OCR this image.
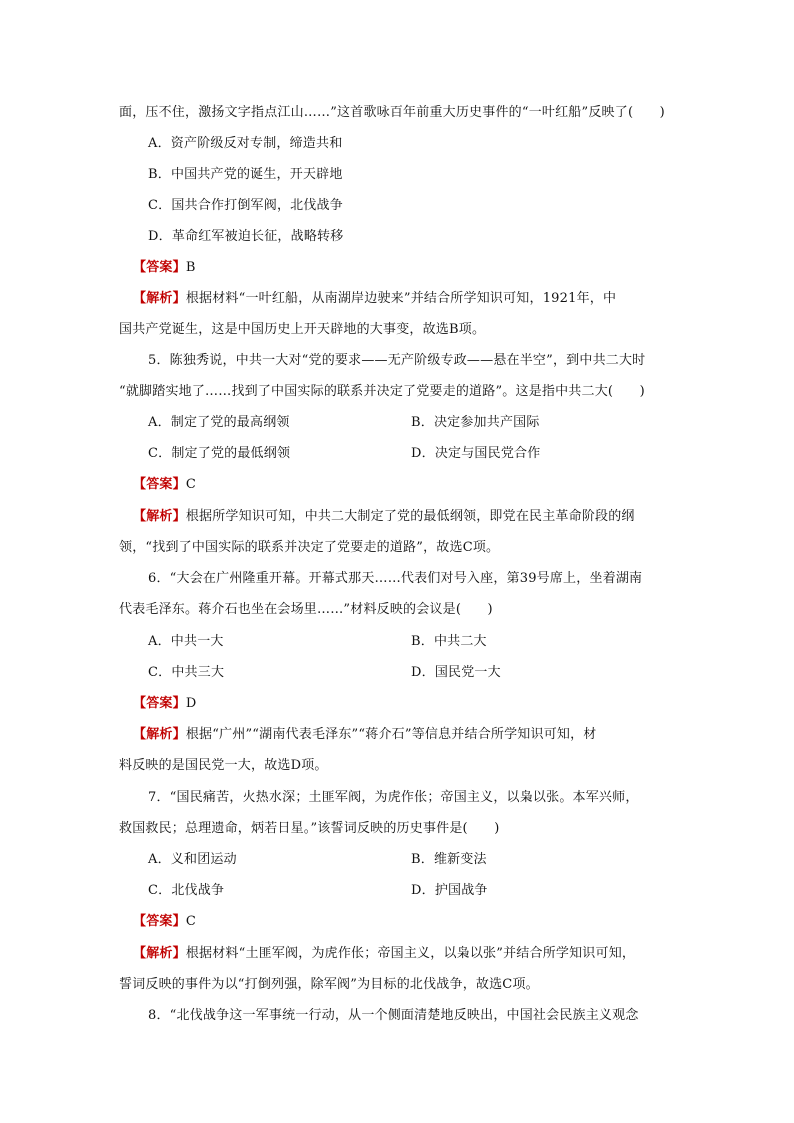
面，压不住，激扬文字指点江山……”这首歌咏百年前重大历史事件的“一叶红船”反映了(　　)
A．资产阶级反对专制，缔造共和
B．中国共产党的诞生，开天辟地
C．国共合作打倒军阀，北伐战争
D．革命红军被迫长征，战略转移
【答案】B
【解析】根据材料“一叶红船，从南湖岸边驶来”并结合所学知识可知，1921年，中
国共产党诞生，这是中国历史上开天辟地的大事变，故选B项。
5．陈独秀说，中共一大对“党的要求——无产阶级专政——悬在半空”，到中共二大时
“就脚踏实地了……找到了中国实际的联系并决定了党要走的道路”。这是指中共二大(　　)
A．制定了党的最高纲领	B．决定参加共产国际
C．制定了党的最低纲领	D．决定与国民党合作
【答案】C
【解析】根据所学知识可知，中共二大制定了党的最低纲领，即党在民主革命阶段的纲
领，“找到了中国实际的联系并决定了党要走的道路”，故选C项。
6．“大会在广州隆重开幕。开幕式那天……代表们对号入座，第39号席上，坐着湖南
代表毛泽东。蒋介石也坐在会场里……”材料反映的会议是(　　)
A．中共一大	B．中共二大
C．中共三大	D．国民党一大
【答案】D
【解析】根据“广州”“湖南代表毛泽东”“蒋介石”等信息并结合所学知识可知，材
料反映的是国民党一大，故选D项。
7．“国民痛苦，火热水深；土匪军阀，为虎作伥；帝国主义，以枭以张。本军兴师，
救国救民；总理遗命，炳若日星。”该誓词反映的历史事件是(　　)
A．义和团运动	B．维新变法
C．北伐战争	D．护国战争
【答案】C
【解析】根据材料“土匪军阀，为虎作伥；帝国主义，以枭以张”并结合所学知识可知，
誓词反映的事件为以“打倒列强，除军阀”为目标的北伐战争，故选C项。
8．“北伐战争这一军事统一行动，从一个侧面清楚地反映出，中国社会民族主义观念
